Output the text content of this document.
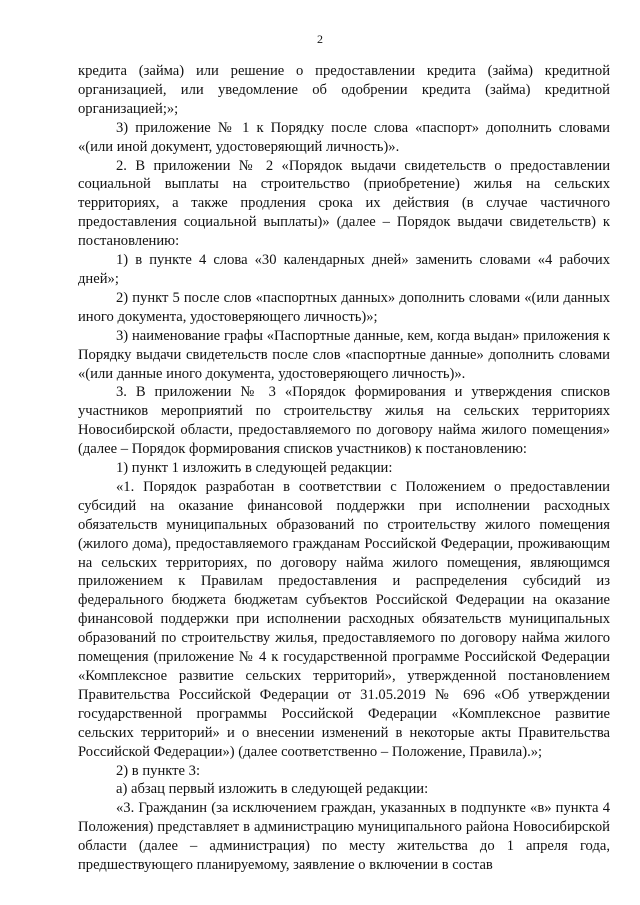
2

кредита (займа) или решение о предоставлении кредита (займа) кредитной организацией, или уведомление об одобрении кредита (займа) кредитной организацией;»;

3) приложение № 1 к Порядку после слова «паспорт» дополнить словами «(или иной документ, удостоверяющий личность)».

2. В приложении № 2 «Порядок выдачи свидетельств о предоставлении социальной выплаты на строительство (приобретение) жилья на сельских территориях, а также продления срока их действия (в случае частичного предоставления социальной выплаты)» (далее – Порядок выдачи свидетельств) к постановлению:

1) в пункте 4 слова «30 календарных дней» заменить словами «4 рабочих дней»;

2) пункт 5 после слов «паспортных данных» дополнить словами «(или данных иного документа, удостоверяющего личность)»;

3) наименование графы «Паспортные данные, кем, когда выдан» приложения к Порядку выдачи свидетельств после слов «паспортные данные» дополнить словами «(или данные иного документа, удостоверяющего личность)».

3. В приложении № 3 «Порядок формирования и утверждения списков участников мероприятий по строительству жилья на сельских территориях Новосибирской области, предоставляемого по договору найма жилого помещения» (далее – Порядок формирования списков участников) к постановлению:

1) пункт 1 изложить в следующей редакции:

«1. Порядок разработан в соответствии с Положением о предоставлении субсидий на оказание финансовой поддержки при исполнении расходных обязательств муниципальных образований по строительству жилого помещения (жилого дома), предоставляемого гражданам Российской Федерации, проживающим на сельских территориях, по договору найма жилого помещения, являющимся приложением к Правилам предоставления и распределения субсидий из федерального бюджета бюджетам субъектов Российской Федерации на оказание финансовой поддержки при исполнении расходных обязательств муниципальных образований по строительству жилья, предоставляемого по договору найма жилого помещения (приложение № 4 к государственной программе Российской Федерации «Комплексное развитие сельских территорий», утвержденной постановлением Правительства Российской Федерации от 31.05.2019 № 696 «Об утверждении государственной программы Российской Федерации «Комплексное развитие сельских территорий» и о внесении изменений в некоторые акты Правительства Российской Федерации») (далее соответственно – Положение, Правила).»;

2) в пункте 3:

а) абзац первый изложить в следующей редакции:

«3. Гражданин (за исключением граждан, указанных в подпункте «в» пункта 4 Положения) представляет в администрацию муниципального района Новосибирской области (далее – администрация) по месту жительства до 1 апреля года, предшествующего планируемому, заявление о включении в состав
